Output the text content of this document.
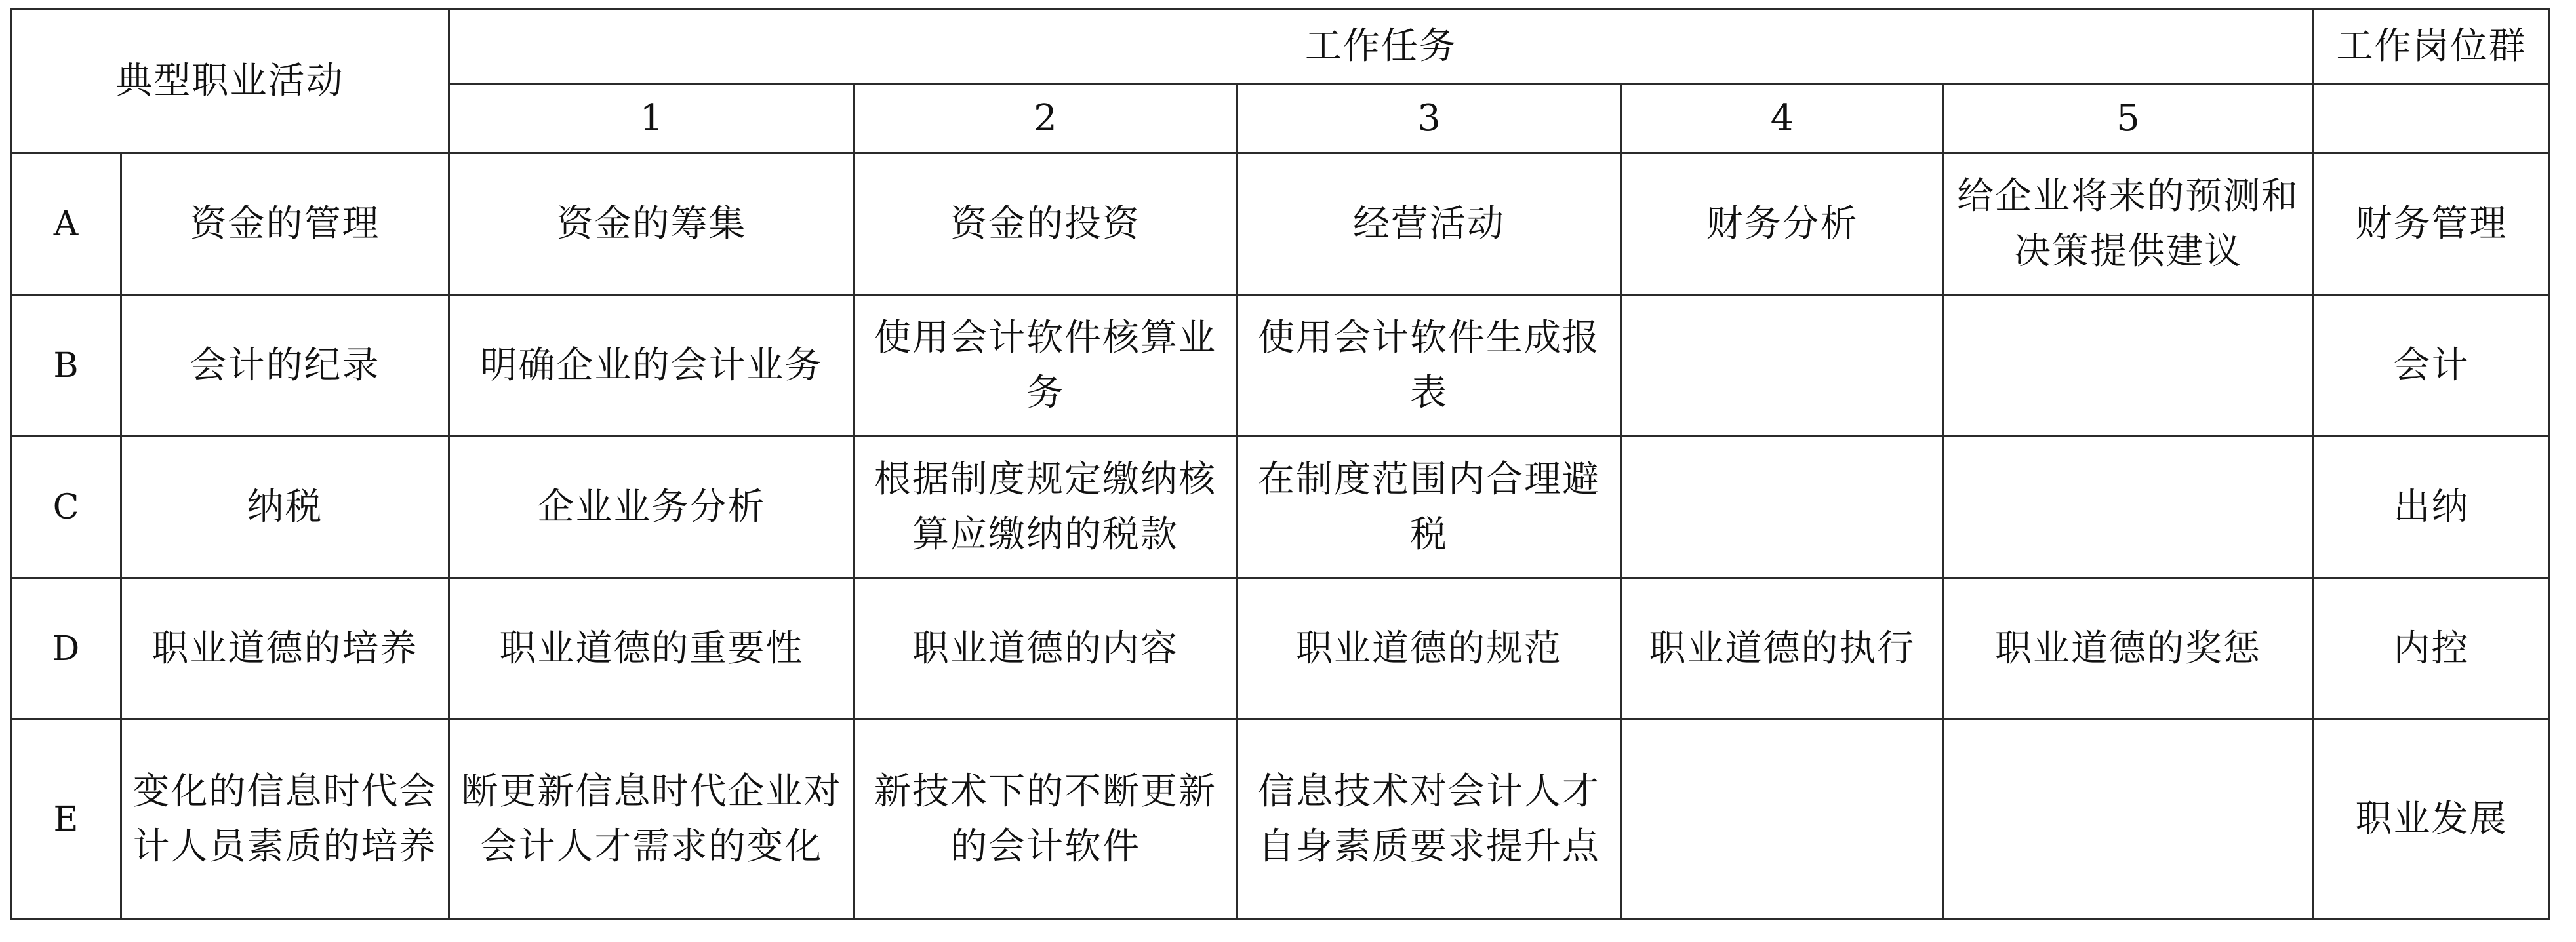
典型职业活动		工作任务					工作岗位群
		1	2	3	4	5	
A	资金的管理	资金的筹集	资金的投资	经营活动	财务分析	给企业将来的预测和决策提供建议	财务管理
B	会计的纪录	明确企业的会计业务	使用会计软件核算业务	使用会计软件生成报表			会计
C	纳税	企业业务分析	根据制度规定缴纳核算应缴纳的税款	在制度范围内合理避税			出纳
D	职业道德的培养	职业道德的重要性	职业道德的内容	职业道德的规范	职业道德的执行	职业道德的奖惩	内控
E	变化的信息时代会计人员素质的培养	断更新信息时代企业对会计人才需求的变化	新技术下的不断更新的会计软件	信息技术对会计人才自身素质要求提升点			职业发展
